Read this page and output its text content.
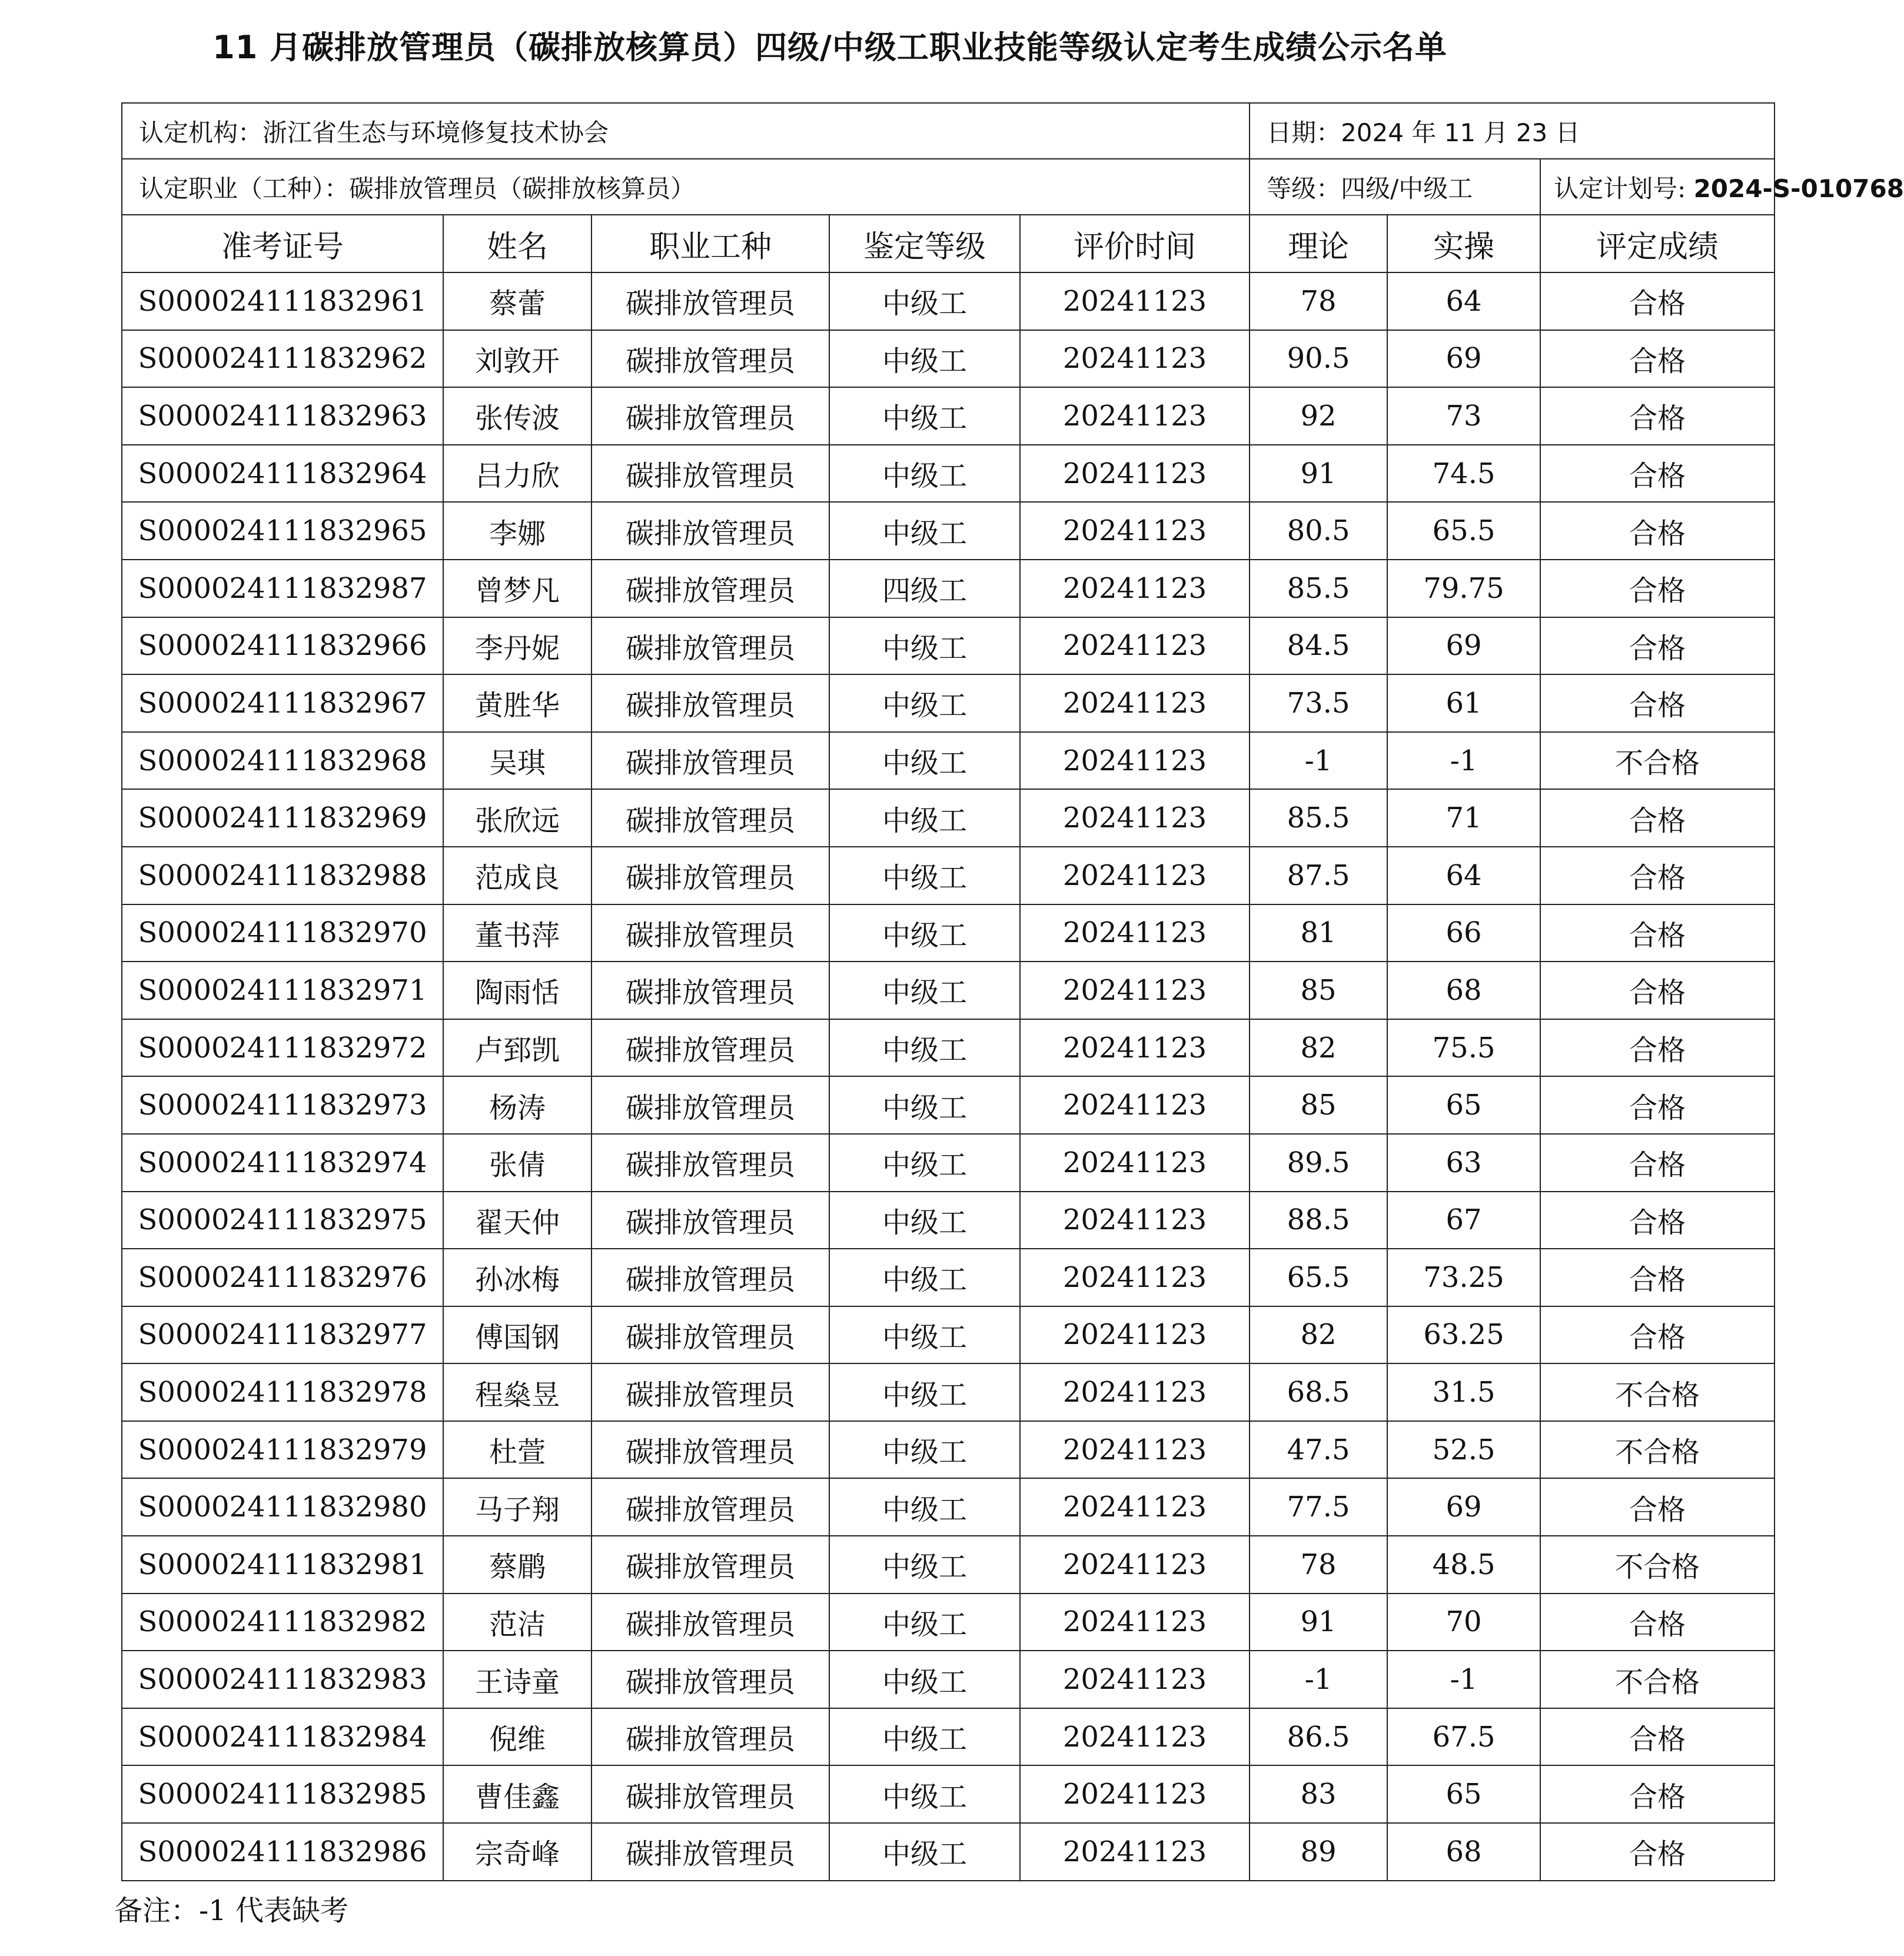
11 月碳排放管理员（碳排放核算员）四级/中级工职业技能等级认定考生成绩公示名单
认定机构：浙江省生态与环境修复技术协会					日期：2024 年 11 月 23 日		
认定职业（工种）：碳排放管理员（碳排放核算员）					等级：四级/中级工		认定计划号: 2024-S-010768
准考证号	姓名	职业工种	鉴定等级	评价时间	理论	实操	评定成绩
S000024111832961	蔡蕾	碳排放管理员	中级工	20241123	78	64	合格
S000024111832962	刘敦开	碳排放管理员	中级工	20241123	90.5	69	合格
S000024111832963	张传波	碳排放管理员	中级工	20241123	92	73	合格
S000024111832964	吕力欣	碳排放管理员	中级工	20241123	91	74.5	合格
S000024111832965	李娜	碳排放管理员	中级工	20241123	80.5	65.5	合格
S000024111832987	曾梦凡	碳排放管理员	四级工	20241123	85.5	79.75	合格
S000024111832966	李丹妮	碳排放管理员	中级工	20241123	84.5	69	合格
S000024111832967	黄胜华	碳排放管理员	中级工	20241123	73.5	61	合格
S000024111832968	吴琪	碳排放管理员	中级工	20241123	-1	-1	不合格
S000024111832969	张欣远	碳排放管理员	中级工	20241123	85.5	71	合格
S000024111832988	范成良	碳排放管理员	中级工	20241123	87.5	64	合格
S000024111832970	董书萍	碳排放管理员	中级工	20241123	81	66	合格
S000024111832971	陶雨恬	碳排放管理员	中级工	20241123	85	68	合格
S000024111832972	卢郅凯	碳排放管理员	中级工	20241123	82	75.5	合格
S000024111832973	杨涛	碳排放管理员	中级工	20241123	85	65	合格
S000024111832974	张倩	碳排放管理员	中级工	20241123	89.5	63	合格
S000024111832975	翟天仲	碳排放管理员	中级工	20241123	88.5	67	合格
S000024111832976	孙冰梅	碳排放管理员	中级工	20241123	65.5	73.25	合格
S000024111832977	傅国钢	碳排放管理员	中级工	20241123	82	63.25	合格
S000024111832978	程燊昱	碳排放管理员	中级工	20241123	68.5	31.5	不合格
S000024111832979	杜萱	碳排放管理员	中级工	20241123	47.5	52.5	不合格
S000024111832980	马子翔	碳排放管理员	中级工	20241123	77.5	69	合格
S000024111832981	蔡鹛	碳排放管理员	中级工	20241123	78	48.5	不合格
S000024111832982	范洁	碳排放管理员	中级工	20241123	91	70	合格
S000024111832983	王诗童	碳排放管理员	中级工	20241123	-1	-1	不合格
S000024111832984	倪维	碳排放管理员	中级工	20241123	86.5	67.5	合格
S000024111832985	曹佳鑫	碳排放管理员	中级工	20241123	83	65	合格
S000024111832986	宗奇峰	碳排放管理员	中级工	20241123	89	68	合格
备注：-1 代表缺考
